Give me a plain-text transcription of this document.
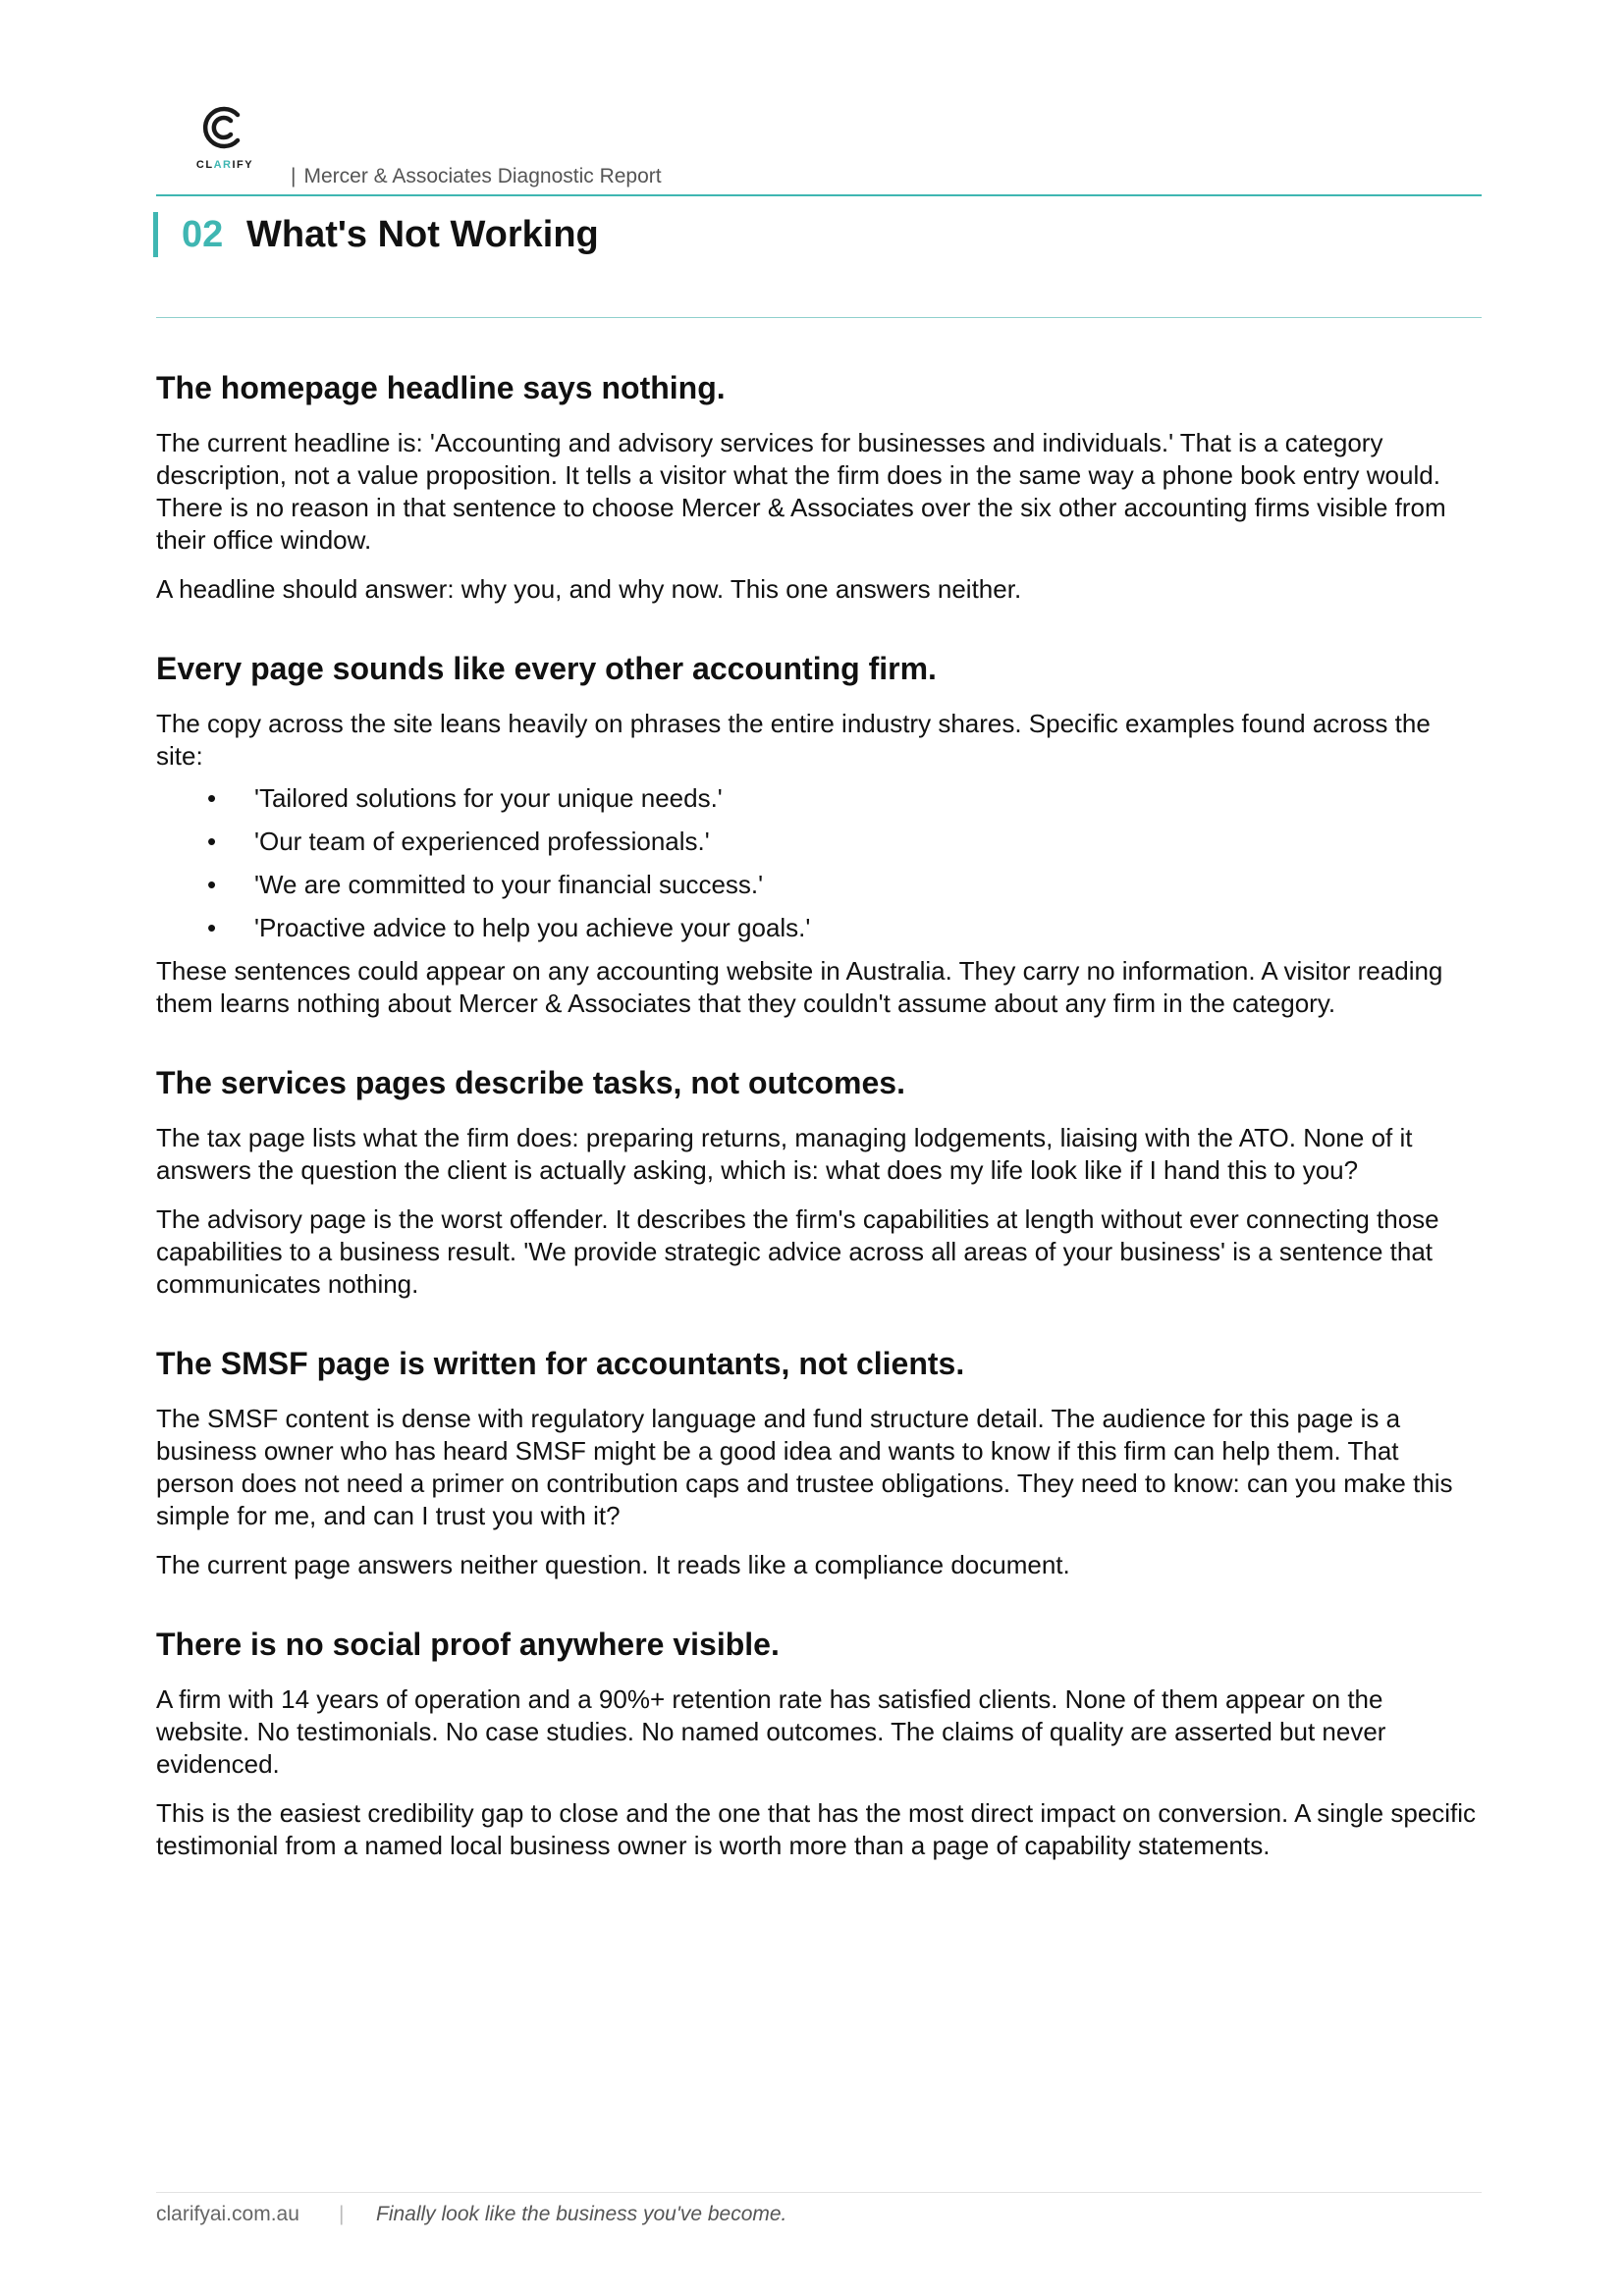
CLARIFY	| Mercer & Associates Diagnostic Report
02 What's Not Working
The homepage headline says nothing.

The current headline is: 'Accounting and advisory services for businesses and individuals.' That is a category description, not a value proposition. It tells a visitor what the firm does in the same way a phone book entry would. There is no reason in that sentence to choose Mercer & Associates over the six other accounting firms visible from their office window.

A headline should answer: why you, and why now. This one answers neither.

Every page sounds like every other accounting firm.

The copy across the site leans heavily on phrases the entire industry shares. Specific examples found across the site:

• 'Tailored solutions for your unique needs.'
• 'Our team of experienced professionals.'
• 'We are committed to your financial success.'
• 'Proactive advice to help you achieve your goals.'

These sentences could appear on any accounting website in Australia. They carry no information. A visitor reading them learns nothing about Mercer & Associates that they couldn't assume about any firm in the category.

The services pages describe tasks, not outcomes.

The tax page lists what the firm does: preparing returns, managing lodgements, liaising with the ATO. None of it answers the question the client is actually asking, which is: what does my life look like if I hand this to you?

The advisory page is the worst offender. It describes the firm's capabilities at length without ever connecting those capabilities to a business result. 'We provide strategic advice across all areas of your business' is a sentence that communicates nothing.

The SMSF page is written for accountants, not clients.

The SMSF content is dense with regulatory language and fund structure detail. The audience for this page is a business owner who has heard SMSF might be a good idea and wants to know if this firm can help them. That person does not need a primer on contribution caps and trustee obligations. They need to know: can you make this simple for me, and can I trust you with it?

The current page answers neither question. It reads like a compliance document.

There is no social proof anywhere visible.

A firm with 14 years of operation and a 90%+ retention rate has satisfied clients. None of them appear on the website. No testimonials. No case studies. No named outcomes. The claims of quality are asserted but never evidenced.

This is the easiest credibility gap to close and the one that has the most direct impact on conversion. A single specific testimonial from a named local business owner is worth more than a page of capability statements.

clarifyai.com.au | Finally look like the business you've become.
